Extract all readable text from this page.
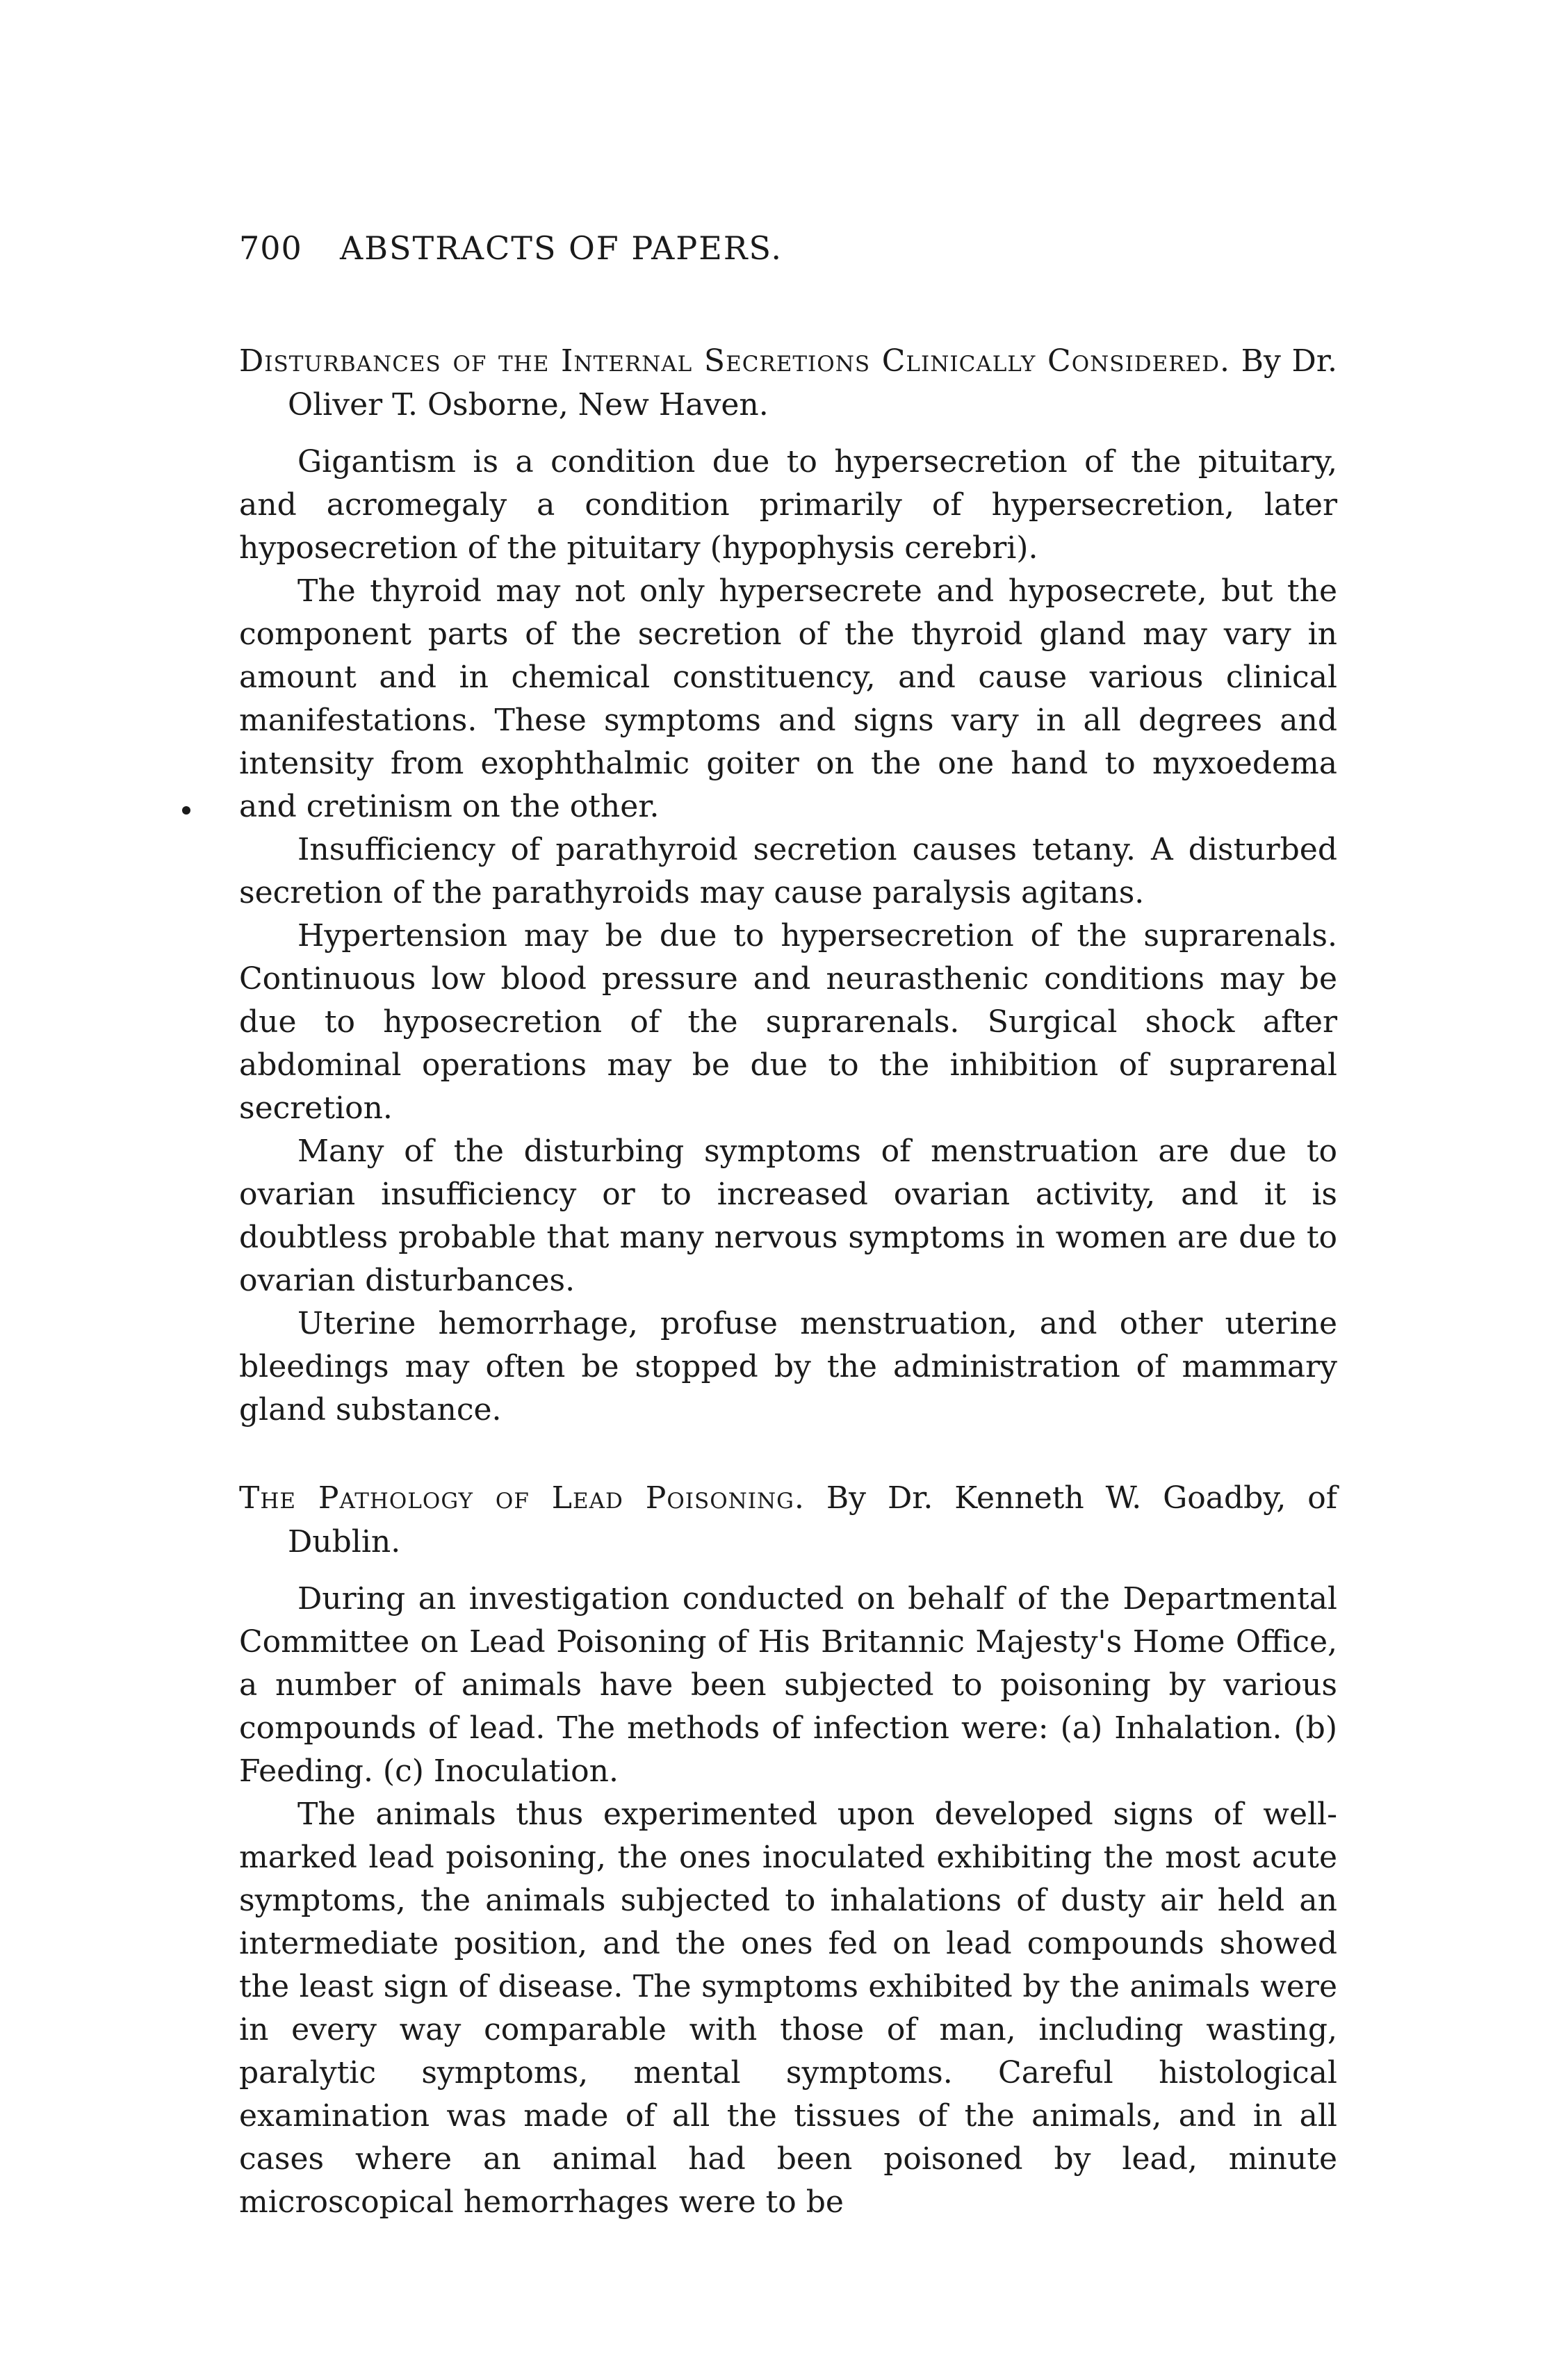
700 ABSTRACTS OF PAPERS.
Disturbances of the Internal Secretions Clinically Considered. By Dr. Oliver T. Osborne, New Haven.

Gigantism is a condition due to hypersecretion of the pituitary, and acromegaly a condition primarily of hypersecretion, later hyposecretion of the pituitary (hypophysis cerebri).

The thyroid may not only hypersecrete and hyposecrete, but the component parts of the secretion of the thyroid gland may vary in amount and in chemical constituency, and cause various clinical manifestations. These symptoms and signs vary in all degrees and intensity from exophthalmic goiter on the one hand to myxoedema and cretinism on the other.

Insufficiency of parathyroid secretion causes tetany. A disturbed secretion of the parathyroids may cause paralysis agitans.

Hypertension may be due to hypersecretion of the suprarenals. Continuous low blood pressure and neurasthenic conditions may be due to hyposecretion of the suprarenals. Surgical shock after abdominal operations may be due to the inhibition of suprarenal secretion.

Many of the disturbing symptoms of menstruation are due to ovarian insufficiency or to increased ovarian activity, and it is doubtless probable that many nervous symptoms in women are due to ovarian disturbances.

Uterine hemorrhage, profuse menstruation, and other uterine bleedings may often be stopped by the administration of mammary gland substance.

The Pathology of Lead Poisoning. By Dr. Kenneth W. Goadby, of Dublin.

During an investigation conducted on behalf of the Departmental Committee on Lead Poisoning of His Britannic Majesty's Home Office, a number of animals have been subjected to poisoning by various compounds of lead. The methods of infection were: (a) Inhalation. (b) Feeding. (c) Inoculation.

The animals thus experimented upon developed signs of well-marked lead poisoning, the ones inoculated exhibiting the most acute symptoms, the animals subjected to inhalations of dusty air held an intermediate position, and the ones fed on lead compounds showed the least sign of disease. The symptoms exhibited by the animals were in every way comparable with those of man, including wasting, paralytic symptoms, mental symptoms. Careful histological examination was made of all the tissues of the animals, and in all cases where an animal had been poisoned by lead, minute microscopical hemorrhages were to be
